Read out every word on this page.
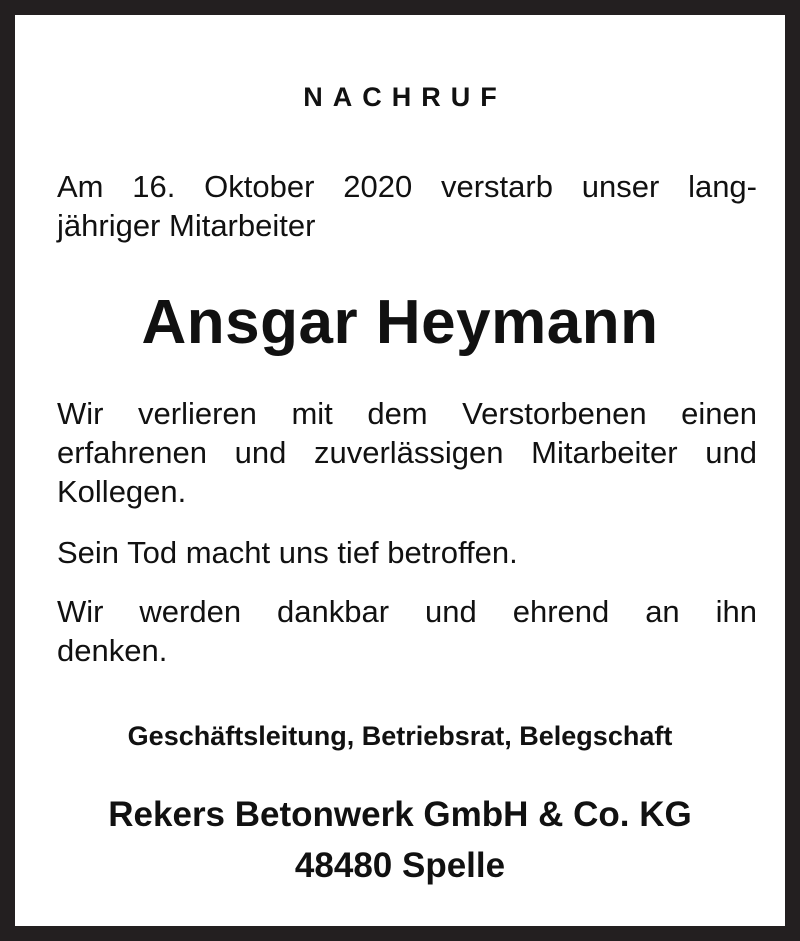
NACHRUF

Am 16. Oktober 2020 verstarb unser lang-

jähriger Mitarbeiter

Ansgar Heymann

Wir verlieren mit dem Verstorbenen einen

erfahrenen und zuverlässigen Mitarbeiter und

Kollegen.

Sein Tod macht uns tief betroffen.

Wir werden dankbar und ehrend an ihn

denken.

Geschäftsleitung, Betriebsrat, Belegschaft
Rekers Betonwerk GmbH & Co. KG
48480 Spelle
